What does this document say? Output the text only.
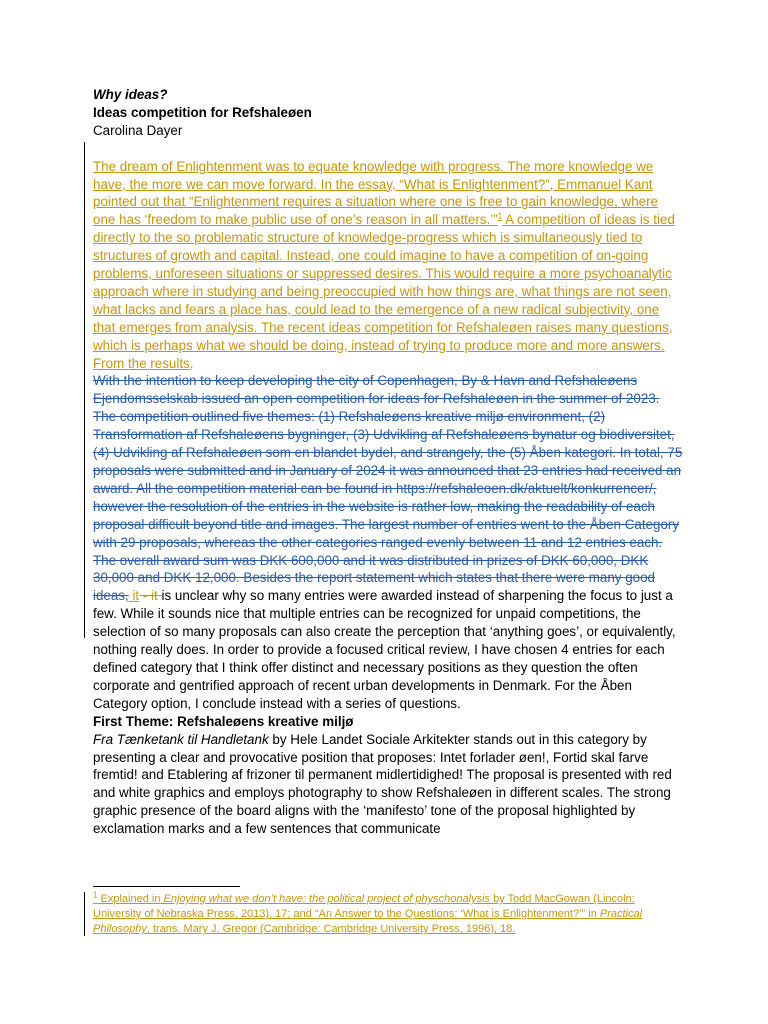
Why ideas?
Ideas competition for Refshaleøen
Carolina Dayer
The dream of Enlightenment was to equate knowledge with progress. The more knowledge we have, the more we can move forward. In the essay, “What is Enlightenment?”, Emmanuel Kant pointed out that “Enlightenment requires a situation where one is free to gain knowledge, where one has ‘freedom to make public use of one’s reason in all matters.’”$^1$ A competition of ideas is tied directly to the so problematic structure of knowledge-progress which is simultaneously tied to structures of growth and capital. Instead, one could imagine to have a competition of on-going problems, unforeseen situations or suppressed desires. This would require a more psychoanalytic approach where in studying and being preoccupied with how things are, what things are not seen, what lacks and fears a place has, could lead to the emergence of a new radical subjectivity, one that emerges from analysis. The recent ideas competition for Refshaleøen raises many questions, which is perhaps what we should be doing, instead of trying to produce more and more answers. From the results,
With the intention to keep developing the city of Copenhagen, By & Havn and Refshaleøens Ejendomsselskab issued an open competition for ideas for Refshaleøen in the summer of 2023. The competition outlined five themes: (1) Refshaleøens kreative miljø environment, (2) Transformation af Refshaleøens bygninger, (3) Udvikling af Refshaleøens bynatur og biodiversitet, (4) Udvikling af Refshaleøen som en blandet bydel, and strangely, the (5) Åben kategori. In total, 75 proposals were submitted and in January of 2024 it was announced that 23 entries had received an award. All the competition material can be found in https://refshaleoen.dk/aktuelt/konkurrencer/, however the resolution of the entries in the website is rather low, making the readability of each proposal difficult beyond title and images. The largest number of entries went to the Åben Category with 29 proposals, whereas the other categories ranged evenly between 11 and 12 entries each. The overall award sum was DKK 600,000 and it was distributed in prizes of DKK 60,000, DKK 30,000 and DKK 12,000. Besides the report statement which states that there were many good ideas, it - it is unclear why so many entries were awarded instead of sharpening the focus to just a few. While it sounds nice that multiple entries can be recognized for unpaid competitions, the selection of so many proposals can also create the perception that ‘anything goes’, or equivalently, nothing really does. In order to provide a focused critical review, I have chosen 4 entries for each defined category that I think offer distinct and necessary positions as they question the often corporate and gentrified approach of recent urban developments in Denmark. For the Åben Category option, I conclude instead with a series of questions.
First Theme: Refshaleøens kreative miljø
Fra Tænketank til Handletank by Hele Landet Sociale Arkitekter stands out in this category by presenting a clear and provocative position that proposes: Intet forlader øen!, Fortid skal farve fremtid! and Etablering af frizoner til permanent midlertidighed! The proposal is presented with red and white graphics and employs photography to show Refshaleøen in different scales. The strong graphic presence of the board aligns with the ‘manifesto’ tone of the proposal highlighted by exclamation marks and a few sentences that communicate
$^1$ Explained in Enjoying what we don’t have: the political project of physchonalysis by Todd MacGowan (Lincoln: University of Nebraska Press, 2013), 17; and “An Answer to the Questions: ‘What is Enlightenment?’” in Practical Philosophy, trans. Mary J. Gregor (Cambridge: Cambridge University Press, 1996), 18.
